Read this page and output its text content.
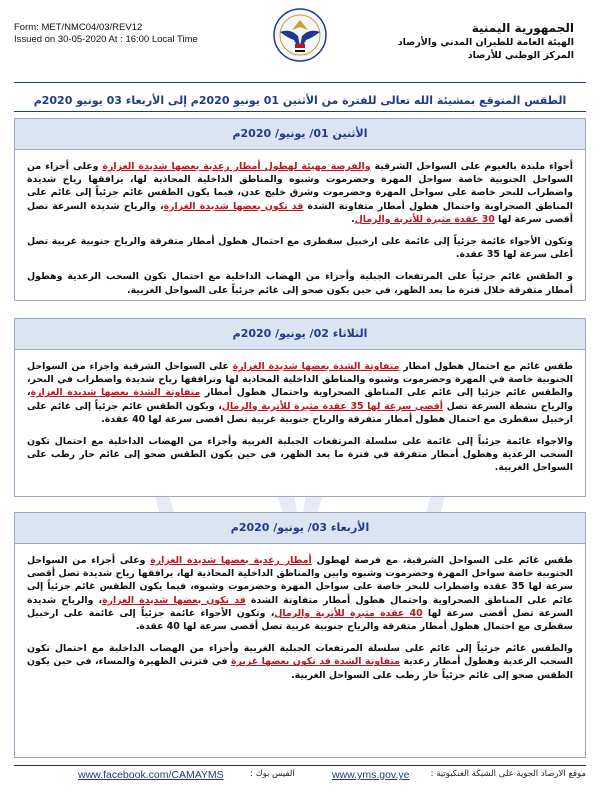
Form: MET/NMC04/03/REV12
Issued on 30-05-2020 At : 16:00 Local Time
الجمهورية اليمنية
الهيئة العامة للطيران المدني والأرصاد
المركز الوطني للأرصاد
الطقس المتوقع بمشيئة الله تعالى للفترة من الأثنين 01 يونيو 2020م إلى الأربعاء 03 يونيو 2020م
الأثنين 01/ يونيو/ 2020م

أجواء ملبدة بالغيوم على السواحل الشرقية والفرصة مهيئة لهطول أمطار رعدية بعضها شديدة الغزارة وعلى أجزاء من السواحل الجنوبية خاصة سواحل المهرة وحضرموت وشبوه والمناطق الداخلية المحاذية لها، يرافقها رياح شديدة واضطراب للبحر خاصة على سواحل المهرة وحضرموت وشرق خليج عدن، فيما يكون الطقس غائم جزئياً إلى غائم على المناطق الصحراوية واحتمال هطول أمطار متفاوتة الشدة قد تكون بعضها شديدة الغزارة، والرياح شديدة السرعة تصل أقصى سرعة لها 30 عقدة مثيرة للأتربة والرمال.

وتكون الأجواء غائمة جزئياً إلى غائمة على ارخبيل سقطرى مع احتمال هطول أمطار متفرقة والرياح جنوبية غربية تصل أعلى سرعة لها 35 عقدة.

و الطقس غائم جزئياً على المرتفعات الجبلية وأجزاء من الهضاب الداخلية مع احتمال تكون السحب الرعدية وهطول أمطار متفرقة خلال فترة ما بعد الظهر، في حين يكون صحو إلى غائم جزئياً على السواحل الغربية.

الثلاثاء 02/ يونيو/ 2020م

طقس غائم مع احتمال هطول امطار متفاوتة الشدة بعضها شديدة الغزارة على السواحل الشرقية واجزاء من السواحل الجنوبية خاصة في المهرة وحضرموت وشبوه والمناطق الداخلية المحاذية لها وترافقها رياح شديدة واضطراب في البحر، والطقس غائم جزئيا إلى غائم على المناطق الصحراوية واحتمال هطول أمطار متفاوتة الشدة بعضها شديدة الغزارة، والرياح نشطة السرعة تصل أقصى سرعة لها 35 عقدة مثيرة للأتربة والرمال، ويكون الطقس غائم جزئياً إلى غائم على ارخبيل سقطرى مع احتمال هطول أمطار متفرقة والرياح جنوبية غربية تصل اقصى سرعة لها 40 عقدة.

والاجواء غائمة جزئياً إلى غائمة على سلسلة المرتفعات الجبلية الغربية وأجزاء من الهضاب الداخلية مع احتمال تكون السحب الرعدية وهطول أمطار متفرقة في فترة ما بعد الظهر، في حين يكون الطقس صحو إلى غائم حار رطب على السواحل الغربية.

الأربعاء 03/ يونيو/ 2020م

طقس غائم على السواحل الشرقية، مع فرصة لهطول أمطار رعدية بعضها شديدة الغزارة وعلى أجزاء من السواحل الجنوبية خاصة سواحل المهرة وحضرموت وشبوه وابين والمناطق الداخلية المحاذية لها، يرافقها رياح شديدة تصل أقصى سرعة لها 35 عقده واضطراب للبحر خاصة على سواحل المهرة وحضرموت وشبوه، فيما يكون الطقس غائم جزئياً إلى غائم على المناطق الصحراوية واحتمال هطول أمطار متفاوتة الشدة قد تكون بعضها شديدة الغزارة، والرياح شديدة السرعة تصل أقصى سرعة لها 40 عقدة مثيرة للأتربة والرمال، وتكون الأجواء غائمة جزئياً إلى غائمة على ارخبيل سقطرى مع احتمال هطول أمطار متفرقة والرياح جنوبية غربية تصل أقصى سرعة لها 40 عقدة.

والطقس غائم جزئياً إلى غائم على سلسلة المرتفعات الجبلية الغربية وأجزاء من الهضاب الداخلية مع احتمال تكون السحب الرعدية وهطول أمطار رعدية متفاوتة الشدة قد تكون بعضها غزيرة في فترتي الظهيرة والمساء، في حين يكون الطقس صحو إلى غائم جزئياً حار رطب على السواحل الغربية.

www.facebook.com/CAMAYMS	الفيس بوك :	www.yms.gov.ye موقع الارصاد الجوية على الشبكة العنكبوتية :
